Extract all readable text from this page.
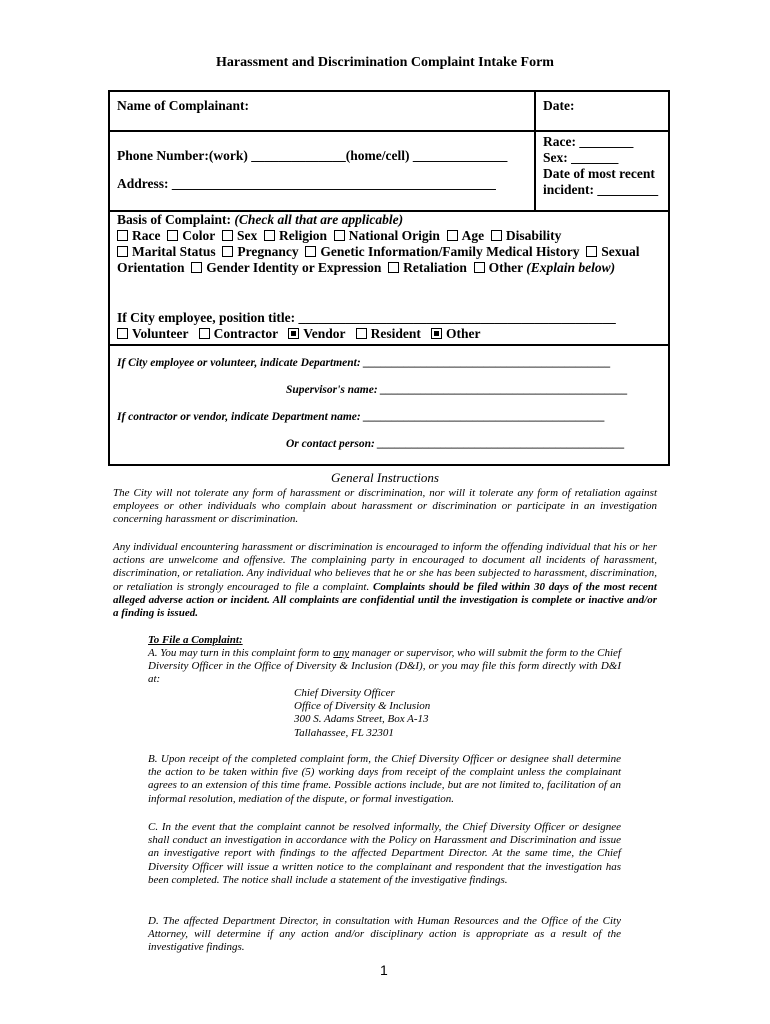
Harassment and Discrimination Complaint Intake Form
Name of Complainant:	Date:
Phone Number:(work) ______________(home/cell) ______________
Address: ________________________________________________
Race: ________
Sex: _______
Date of most recent
incident: _________
Basis of Complaint: (Check all that are applicable)
Race Color Sex Religion National Origin Age Disability
Marital Status Pregnancy Genetic Information/Family Medical History Sexual
Orientation Gender Identity or Expression Retaliation Other (Explain below)
If City employee, position title: _______________________________________________
Volunteer Contractor Vendor Resident Other
If City employee or volunteer, indicate Department: ___________________________________________
Supervisor's name: ___________________________________________
If contractor or vendor, indicate Department name: __________________________________________
Or contact person: ___________________________________________
General Instructions
The City will not tolerate any form of harassment or discrimination, nor will it tolerate any form of retaliation against employees or other individuals who complain about harassment or discrimination or participate in an investigation concerning harassment or discrimination.
Any individual encountering harassment or discrimination is encouraged to inform the offending individual that his or her actions are unwelcome and offensive. The complaining party in encouraged to document all incidents of harassment, discrimination, or retaliation. Any individual who believes that he or she has been subjected to harassment, discrimination, or retaliation is strongly encouraged to file a complaint. Complaints should be filed within 30 days of the most recent alleged adverse action or incident. All complaints are confidential until the investigation is complete or inactive and/or a finding is issued.
To File a Complaint:
A. You may turn in this complaint form to any manager or supervisor, who will submit the form to the Chief Diversity Officer in the Office of Diversity & Inclusion (D&I), or you may file this form directly with D&I at:
Chief Diversity Officer
Office of Diversity & Inclusion
300 S. Adams Street, Box A-13
Tallahassee, FL 32301
B. Upon receipt of the completed complaint form, the Chief Diversity Officer or designee shall determine the action to be taken within five (5) working days from receipt of the complaint unless the complainant agrees to an extension of this time frame. Possible actions include, but are not limited to, facilitation of an informal resolution, mediation of the dispute, or formal investigation.
C. In the event that the complaint cannot be resolved informally, the Chief Diversity Officer or designee shall conduct an investigation in accordance with the Policy on Harassment and Discrimination and issue an investigative report with findings to the affected Department Director. At the same time, the Chief Diversity Officer will issue a written notice to the complainant and respondent that the investigation has been completed. The notice shall include a statement of the investigative findings.
D. The affected Department Director, in consultation with Human Resources and the Office of the City Attorney, will determine if any action and/or disciplinary action is appropriate as a result of the investigative findings.
1
